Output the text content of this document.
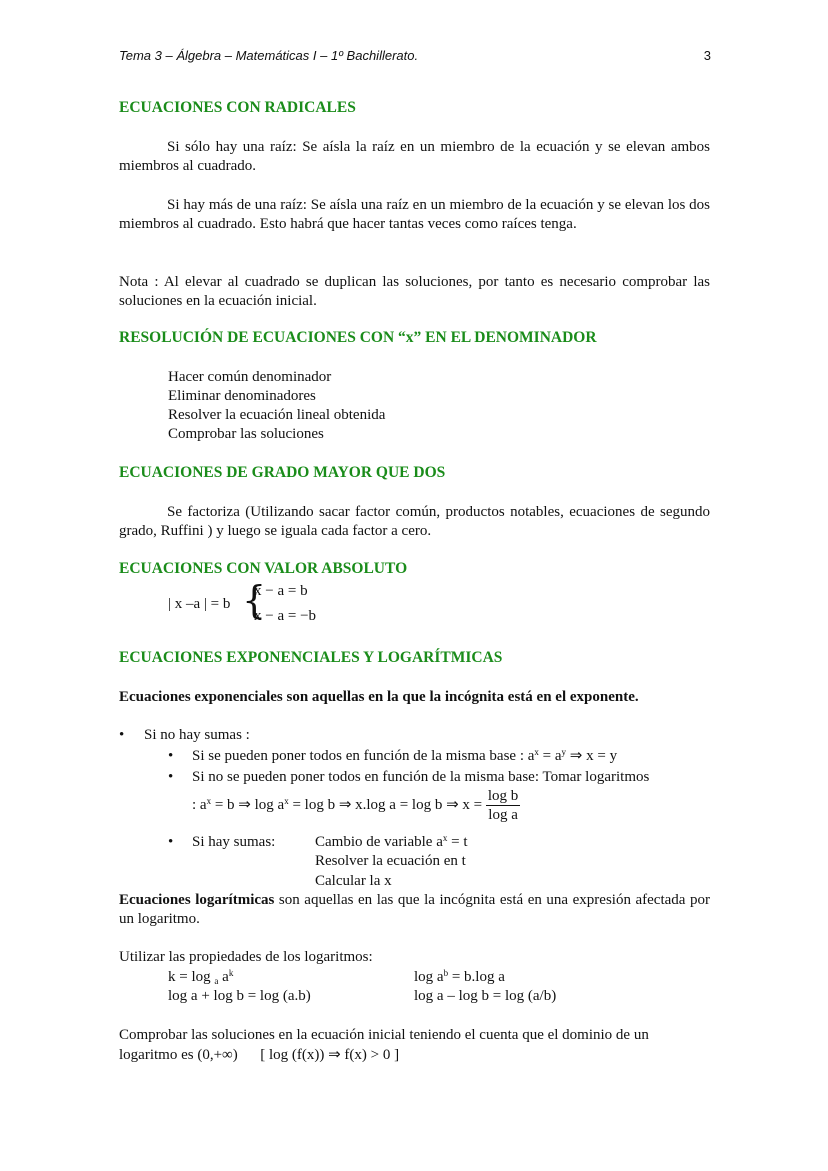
Tema 3 – Álgebra – Matemáticas I – 1º Bachillerato.	3
ECUACIONES CON RADICALES
Si sólo hay una raíz: Se aísla la raíz en un miembro de la ecuación y se elevan ambos miembros al cuadrado.
Si hay más de una raíz: Se aísla una raíz en un miembro de la ecuación y se elevan los dos miembros al cuadrado. Esto habrá que hacer tantas veces como raíces tenga.
Nota : Al elevar al cuadrado se duplican las soluciones, por tanto es necesario comprobar las soluciones en la ecuación inicial.
RESOLUCIÓN DE ECUACIONES CON “x” EN EL DENOMINADOR
Hacer común denominador
Eliminar denominadores
Resolver la ecuación lineal obtenida
Comprobar las soluciones
ECUACIONES DE GRADO MAYOR QUE DOS
Se factoriza (Utilizando sacar factor común, productos notables, ecuaciones de segundo grado, Ruffini ) y luego se iguala cada factor a cero.
ECUACIONES CON VALOR ABSOLUTO
| x –a | = b {
x − a = b
x − a = −b
ECUACIONES EXPONENCIALES Y LOGARÍTMICAS
Ecuaciones exponenciales son aquellas en la que la incógnita está en el exponente.
• Si no hay sumas :
• Si se pueden poner todos en función de la misma base : $a^x = a^y$ ⇒ x = y
• Si no se pueden poner todos en función de la misma base: Tomar logaritmos
: $a^x = b$ ⇒ $\log a^x = \log b$ ⇒ x.log a = log b ⇒ $x = \frac{\text{log b}}{\text{log a}}$
• Si hay sumas:	Cambio de variable $a^x = t$
Resolver la ecuación en t
Calcular la x
Ecuaciones logarítmicas son aquellas en las que la incógnita está en una expresión afectada por un logaritmo.
Utilizar las propiedades de los logaritmos:
k = log $_a$ $a^k$	$\log a^b = b.\log$ a
log a + log b = log (a.b)	log a – log b = log (a/b)
Comprobar las soluciones en la ecuación inicial teniendo el cuenta que el dominio de un
logaritmo es (0,+∞)      [ log (f(x)) ⇒ f(x) > 0 ]
